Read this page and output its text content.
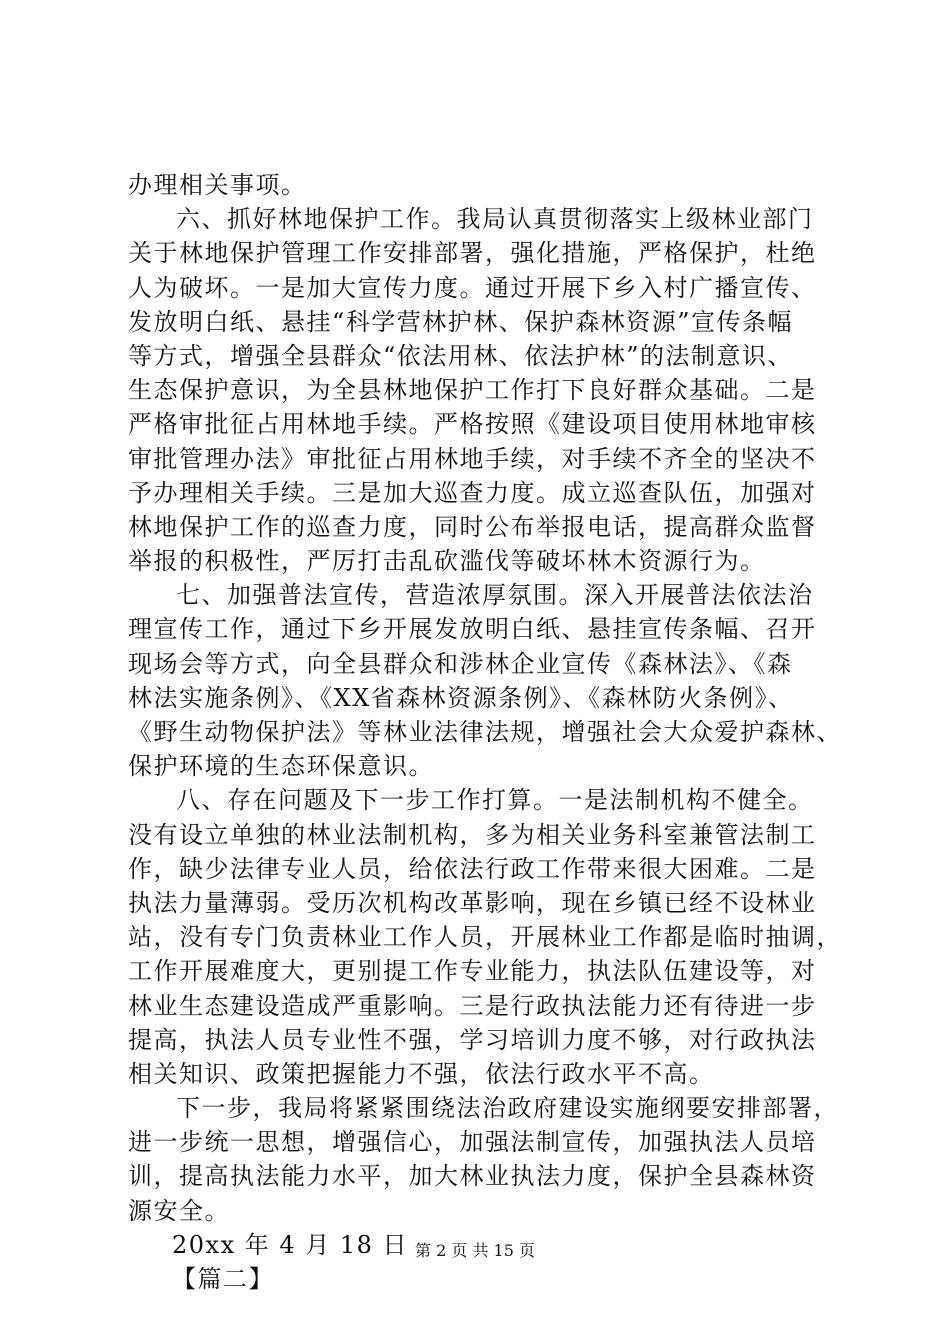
办理相关事项。
六、抓好林地保护工作。我局认真贯彻落实上级林业部门
关于林地保护管理工作安排部署，强化措施，严格保护，杜绝
人为破坏。一是加大宣传力度。通过开展下乡入村广播宣传、
发放明白纸、悬挂“科学营林护林、保护森林资源”宣传条幅
等方式，增强全县群众“依法用林、依法护林”的法制意识、
生态保护意识，为全县林地保护工作打下良好群众基础。二是
严格审批征占用林地手续。严格按照《建设项目使用林地审核
审批管理办法》审批征占用林地手续，对手续不齐全的坚决不
予办理相关手续。三是加大巡查力度。成立巡查队伍，加强对
林地保护工作的巡查力度，同时公布举报电话，提高群众监督
举报的积极性，严厉打击乱砍滥伐等破坏林木资源行为。
七、加强普法宣传，营造浓厚氛围。深入开展普法依法治
理宣传工作，通过下乡开展发放明白纸、悬挂宣传条幅、召开
现场会等方式，向全县群众和涉林企业宣传《森林法》、《森
林法实施条例》、《XX省森林资源条例》、《森林防火条例》、
《野生动物保护法》等林业法律法规，增强社会大众爱护森林、
保护环境的生态环保意识。
八、存在问题及下一步工作打算。一是法制机构不健全。
没有设立单独的林业法制机构，多为相关业务科室兼管法制工
作，缺少法律专业人员，给依法行政工作带来很大困难。二是
执法力量薄弱。受历次机构改革影响，现在乡镇已经不设林业
站，没有专门负责林业工作人员，开展林业工作都是临时抽调，
工作开展难度大，更别提工作专业能力，执法队伍建设等，对
林业生态建设造成严重影响。三是行政执法能力还有待进一步
提高，执法人员专业性不强，学习培训力度不够，对行政执法
相关知识、政策把握能力不强，依法行政水平不高。
下一步，我局将紧紧围绕法治政府建设实施纲要安排部署，
进一步统一思想，增强信心，加强法制宣传，加强执法人员培
训，提高执法能力水平，加大林业执法力度，保护全县森林资
源安全。
20xx 年 4 月 18 日
【篇二】
第 2 页 共 15 页
